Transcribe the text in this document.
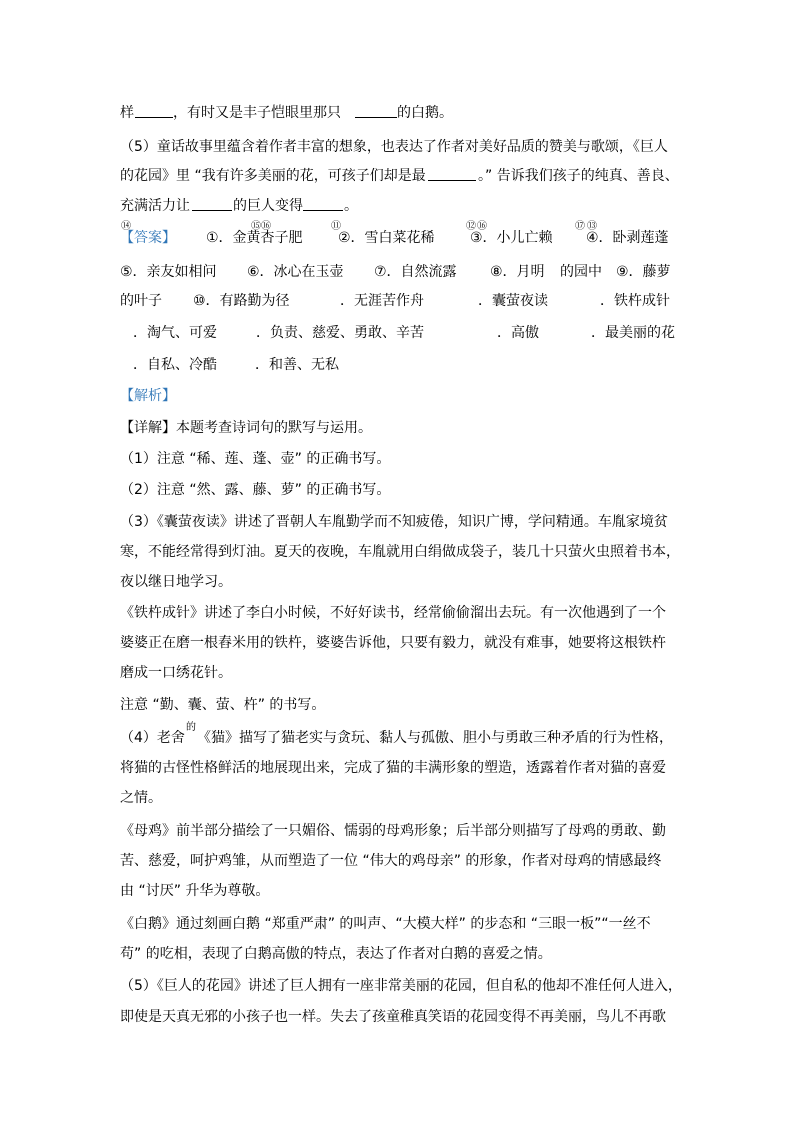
样	，有时又是丰子恺眼里那只	的白鹅。
（5）童话故事里蕴含着作者丰富的想象，也表达了作者对美好品质的赞美与歌颂，《巨人
的花园》里 “我有许多美丽的花，可孩子们却是最	。” 告诉我们孩子的纯真、善良、
充满活力让	的巨人变得	。
⑭	⑮ ⑯	⑪	⑫ ⑯	⑰ ⑬
【答案】 ①．金黄杏子肥	②．雪白菜花稀	③．小儿亡赖 ④．卧剥莲蓬
⑤．亲友如相问 ⑥．冰心在玉壶 ⑦．自然流露 ⑧．月明 的园中 ⑨．藤萝
的叶子 ⑩．有路勤为径	．无涯苦作舟	．囊萤夜读	．铁杵成针
．淘气、可爱	．负责、慈爱、勇敢、辛苦	．高傲	．最美丽的花
．自私、冷酷	．和善、无私
【解析】
【详解】本题考查诗词句的默写与运用。
（1）注意 “稀、莲、蓬、壶” 的正确书写。
（2）注意 “然、露、藤、萝” 的正确书写。
（3）《囊萤夜读》讲述了晋朝人车胤勤学而不知疲倦，知识广博，学问精通。车胤家境贫
寒，不能经常得到灯油。夏天的夜晚，车胤就用白绢做成袋子，装几十只萤火虫照着书本，
夜以继日地学习。
《铁杵成针》讲述了李白小时候，不好好读书，经常偷偷溜出去玩。有一次他遇到了一个
婆婆正在磨一根舂米用的铁杵，婆婆告诉他，只要有毅力，就没有难事，她要将这根铁杵
磨成一口绣花针。
注意 “勤、囊、萤、杵” 的书写。
的
（4）老舍 《猫》描写了猫老实与贪玩、黏人与孤傲、胆小与勇敢三种矛盾的行为性格，
将猫的古怪性格鲜活的地展现出来，完成了猫的丰满形象的塑造，透露着作者对猫的喜爱
之情。
《母鸡》前半部分描绘了一只媚俗、懦弱的母鸡形象；后半部分则描写了母鸡的勇敢、勤
苦、慈爱，呵护鸡雏，从而塑造了一位 “伟大的鸡母亲” 的形象，作者对母鸡的情感最终
由 “讨厌” 升华为尊敬。
《白鹅》通过刻画白鹅 “郑重严肃” 的叫声、“大模大样” 的步态和 “三眼一板”“一丝不
苟” 的吃相，表现了白鹅高傲的特点，表达了作者对白鹅的喜爱之情。
（5）《巨人的花园》讲述了巨人拥有一座非常美丽的花园，但自私的他却不准任何人进入，
即使是天真无邪的小孩子也一样。失去了孩童稚真笑语的花园变得不再美丽，鸟儿不再歌
